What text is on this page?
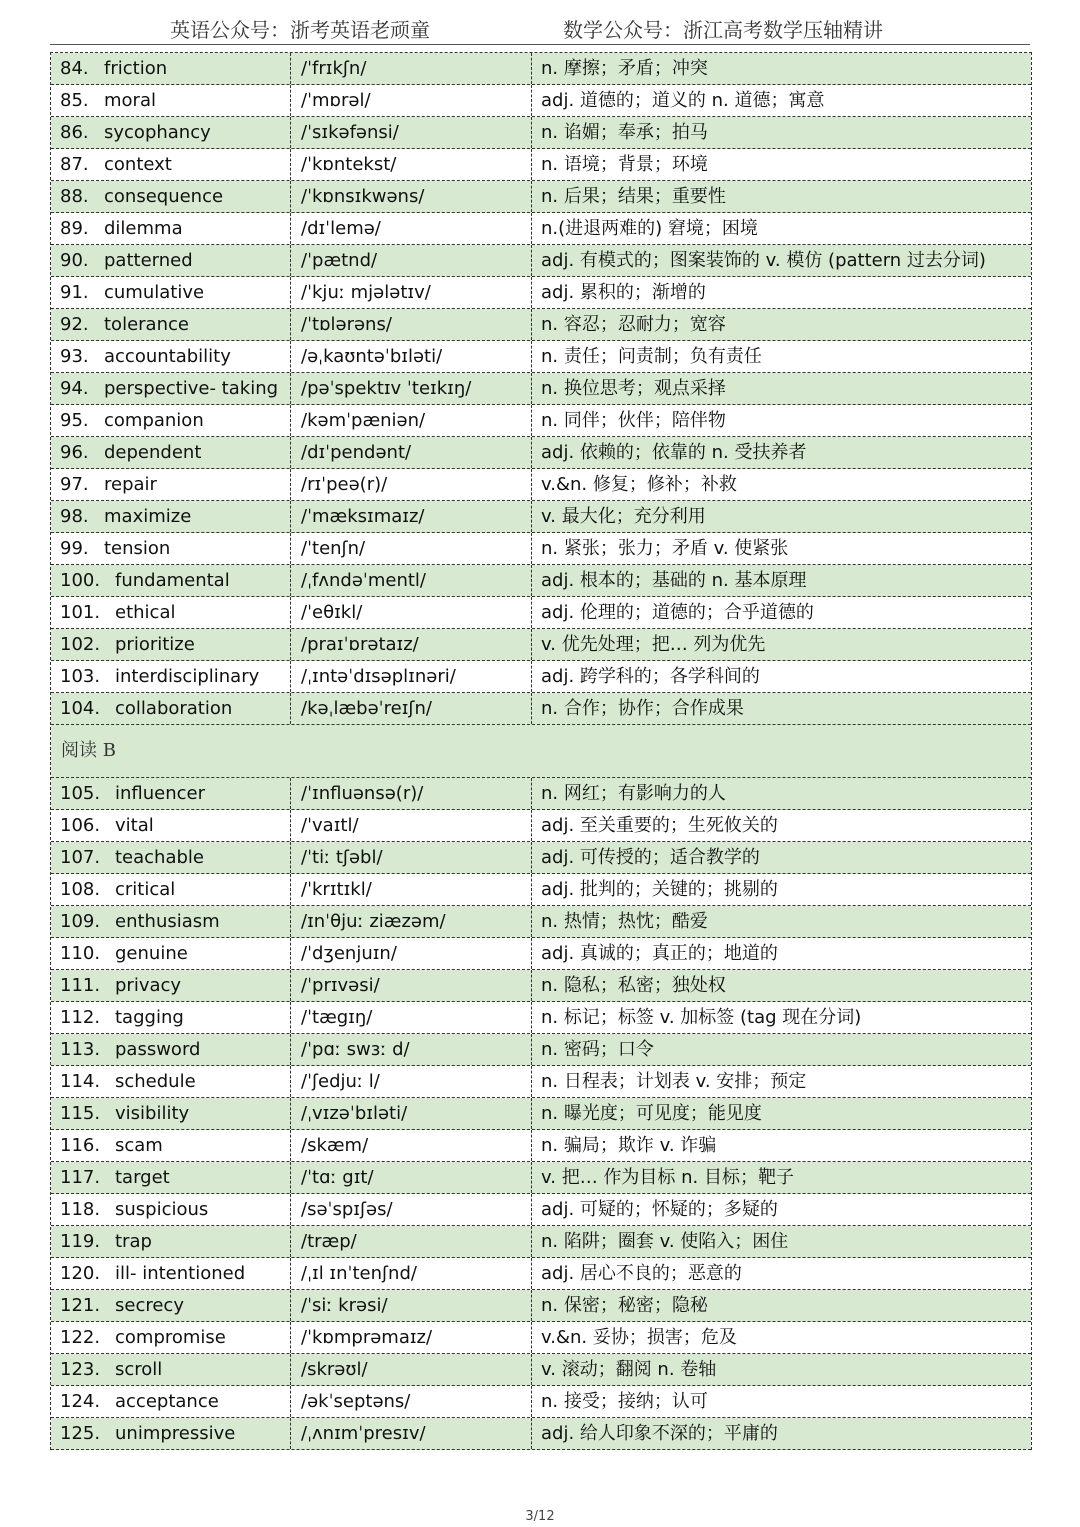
英语公众号：浙考英语老顽童	数学公众号：浙江高考数学压轴精讲
84. friction	/ˈfrɪkʃn/	n. 摩擦；矛盾；冲突
85. moral	/ˈmɒrəl/	adj. 道德的；道义的 n. 道德；寓意
86. sycophancy	/ˈsɪkəfənsi/	n. 谄媚；奉承；拍马
87. context	/ˈkɒntekst/	n. 语境；背景；环境
88. consequence	/ˈkɒnsɪkwəns/	n. 后果；结果；重要性
89. dilemma	/dɪˈlemə/	n.(进退两难的) 窘境；困境
90. patterned	/ˈpætnd/	adj. 有模式的；图案装饰的 v. 模仿 (pattern 过去分词)
91. cumulative	/ˈkjuː mjələtɪv/	adj. 累积的；渐增的
92. tolerance	/ˈtɒlərəns/	n. 容忍；忍耐力；宽容
93. accountability	/əˌkaʊntəˈbɪləti/	n. 责任；问责制；负有责任
94. perspective- taking	/pəˈspektɪv ˈteɪkɪŋ/	n. 换位思考；观点采择
95. companion	/kəmˈpæniən/	n. 同伴；伙伴；陪伴物
96. dependent	/dɪˈpendənt/	adj. 依赖的；依靠的 n. 受扶养者
97. repair	/rɪˈpeə(r)/	v.&n. 修复；修补；补救
98. maximize	/ˈmæksɪmaɪz/	v. 最大化；充分利用
99. tension	/ˈtenʃn/	n. 紧张；张力；矛盾 v. 使紧张
100. fundamental	/ˌfʌndəˈmentl/	adj. 根本的；基础的 n. 基本原理
101. ethical	/ˈeθɪkl/	adj. 伦理的；道德的；合乎道德的
102. prioritize	/praɪˈɒrətaɪz/	v. 优先处理；把… 列为优先
103. interdisciplinary	/ˌɪntəˈdɪsəplɪnəri/	adj. 跨学科的；各学科间的
104. collaboration	/kəˌlæbəˈreɪʃn/	n. 合作；协作；合作成果
阅读 B
105. influencer	/ˈɪnfluənsə(r)/	n. 网红；有影响力的人
106. vital	/ˈvaɪtl/	adj. 至关重要的；生死攸关的
107. teachable	/ˈtiː tʃəbl/	adj. 可传授的；适合教学的
108. critical	/ˈkrɪtɪkl/	adj. 批判的；关键的；挑剔的
109. enthusiasm	/ɪnˈθjuː ziæzəm/	n. 热情；热忱；酷爱
110. genuine	/ˈdʒenjuɪn/	adj. 真诚的；真正的；地道的
111. privacy	/ˈprɪvəsi/	n. 隐私；私密；独处权
112. tagging	/ˈtægɪŋ/	n. 标记；标签 v. 加标签 (tag 现在分词)
113. password	/ˈpɑː swɜː d/	n. 密码；口令
114. schedule	/ˈʃedjuː l/	n. 日程表；计划表 v. 安排；预定
115. visibility	/ˌvɪzəˈbɪləti/	n. 曝光度；可见度；能见度
116. scam	/skæm/	n. 骗局；欺诈 v. 诈骗
117. target	/ˈtɑː gɪt/	v. 把… 作为目标 n. 目标；靶子
118. suspicious	/səˈspɪʃəs/	adj. 可疑的；怀疑的；多疑的
119. trap	/træp/	n. 陷阱；圈套 v. 使陷入；困住
120. ill- intentioned	/ˌɪl ɪnˈtenʃnd/	adj. 居心不良的；恶意的
121. secrecy	/ˈsiː krəsi/	n. 保密；秘密；隐秘
122. compromise	/ˈkɒmprəmaɪz/	v.&n. 妥协；损害；危及
123. scroll	/skrəʊl/	v. 滚动；翻阅 n. 卷轴
124. acceptance	/əkˈseptəns/	n. 接受；接纳；认可
125. unimpressive	/ˌʌnɪmˈpresɪv/	adj. 给人印象不深的；平庸的
3/12
